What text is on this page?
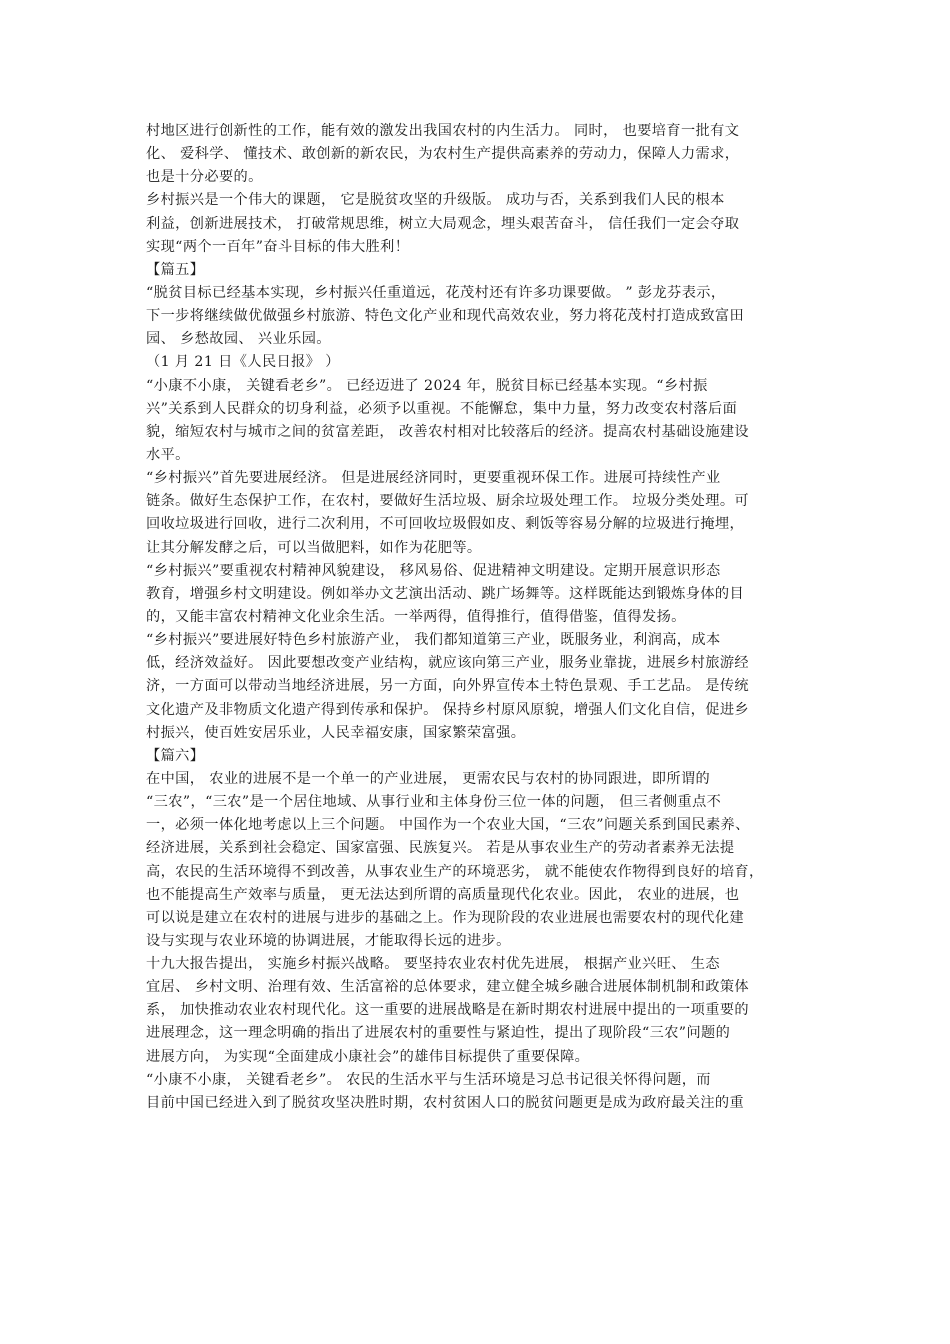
村地区进行创新性的工作，能有效的激发出我国农村的内生活力。 同时， 也要培育一批有文
化、 爱科学、 懂技术、敢创新的新农民，为农村生产提供高素养的劳动力，保障人力需求，
也是十分必要的。
乡村振兴是一个伟大的课题， 它是脱贫攻坚的升级版。 成功与否，关系到我们人民的根本
利益，创新进展技术， 打破常规思维，树立大局观念，埋头艰苦奋斗， 信任我们一定会夺取
实现“两个一百年”奋斗目标的伟大胜利！
【篇五】
“脱贫目标已经基本实现，乡村振兴任重道远，花茂村还有许多功课要做。 ” 彭龙芬表示，
下一步将继续做优做强乡村旅游、特色文化产业和现代高效农业，努力将花茂村打造成致富田
园、 乡愁故园、 兴业乐园。
（1 月 21 日《人民日报》 ）
“小康不小康， 关键看老乡”。 已经迈进了 2024 年，脱贫目标已经基本实现。“乡村振
兴”关系到人民群众的切身利益，必须予以重视。不能懈怠，集中力量，努力改变农村落后面
貌，缩短农村与城市之间的贫富差距， 改善农村相对比较落后的经济。提高农村基础设施建设
水平。
“乡村振兴”首先要进展经济。 但是进展经济同时，更要重视环保工作。进展可持续性产业
链条。做好生态保护工作，在农村，要做好生活垃圾、厨余垃圾处理工作。 垃圾分类处理。可
回收垃圾进行回收，进行二次利用，不可回收垃圾假如皮、剩饭等容易分解的垃圾进行掩埋，
让其分解发酵之后，可以当做肥料，如作为花肥等。
“乡村振兴”要重视农村精神风貌建设， 移风易俗、促进精神文明建设。定期开展意识形态
教育，增强乡村文明建设。例如举办文艺演出活动、跳广场舞等。这样既能达到锻炼身体的目
的，又能丰富农村精神文化业余生活。一举两得，值得推行，值得借鉴，值得发扬。
“乡村振兴”要进展好特色乡村旅游产业， 我们都知道第三产业，既服务业，利润高，成本
低，经济效益好。 因此要想改变产业结构，就应该向第三产业，服务业靠拢，进展乡村旅游经
济，一方面可以带动当地经济进展，另一方面，向外界宣传本土特色景观、手工艺品。 是传统
文化遗产及非物质文化遗产得到传承和保护。 保持乡村原风原貌，增强人们文化自信，促进乡
村振兴，使百姓安居乐业，人民幸福安康，国家繁荣富强。
【篇六】
在中国， 农业的进展不是一个单一的产业进展， 更需农民与农村的协同跟进，即所谓的
“三农”，“三农”是一个居住地域、从事行业和主体身份三位一体的问题， 但三者侧重点不
一，必须一体化地考虑以上三个问题。 中国作为一个农业大国，“三农”问题关系到国民素养、
经济进展，关系到社会稳定、国家富强、民族复兴。 若是从事农业生产的劳动者素养无法提
高，农民的生活环境得不到改善，从事农业生产的环境恶劣， 就不能使农作物得到良好的培育，
也不能提高生产效率与质量， 更无法达到所谓的高质量现代化农业。因此， 农业的进展，也
可以说是建立在农村的进展与进步的基础之上。作为现阶段的农业进展也需要农村的现代化建
设与实现与农业环境的协调进展，才能取得长远的进步。
十九大报告提出， 实施乡村振兴战略。 要坚持农业农村优先进展， 根据产业兴旺、 生态
宜居、 乡村文明、治理有效、生活富裕的总体要求，建立健全城乡融合进展体制机制和政策体
系， 加快推动农业农村现代化。这一重要的进展战略是在新时期农村进展中提出的一项重要的
进展理念，这一理念明确的指出了进展农村的重要性与紧迫性，提出了现阶段“三农”问题的
进展方向， 为实现“全面建成小康社会”的雄伟目标提供了重要保障。
“小康不小康， 关键看老乡”。 农民的生活水平与生活环境是习总书记很关怀得问题，而
目前中国已经进入到了脱贫攻坚决胜时期，农村贫困人口的脱贫问题更是成为政府最关注的重
